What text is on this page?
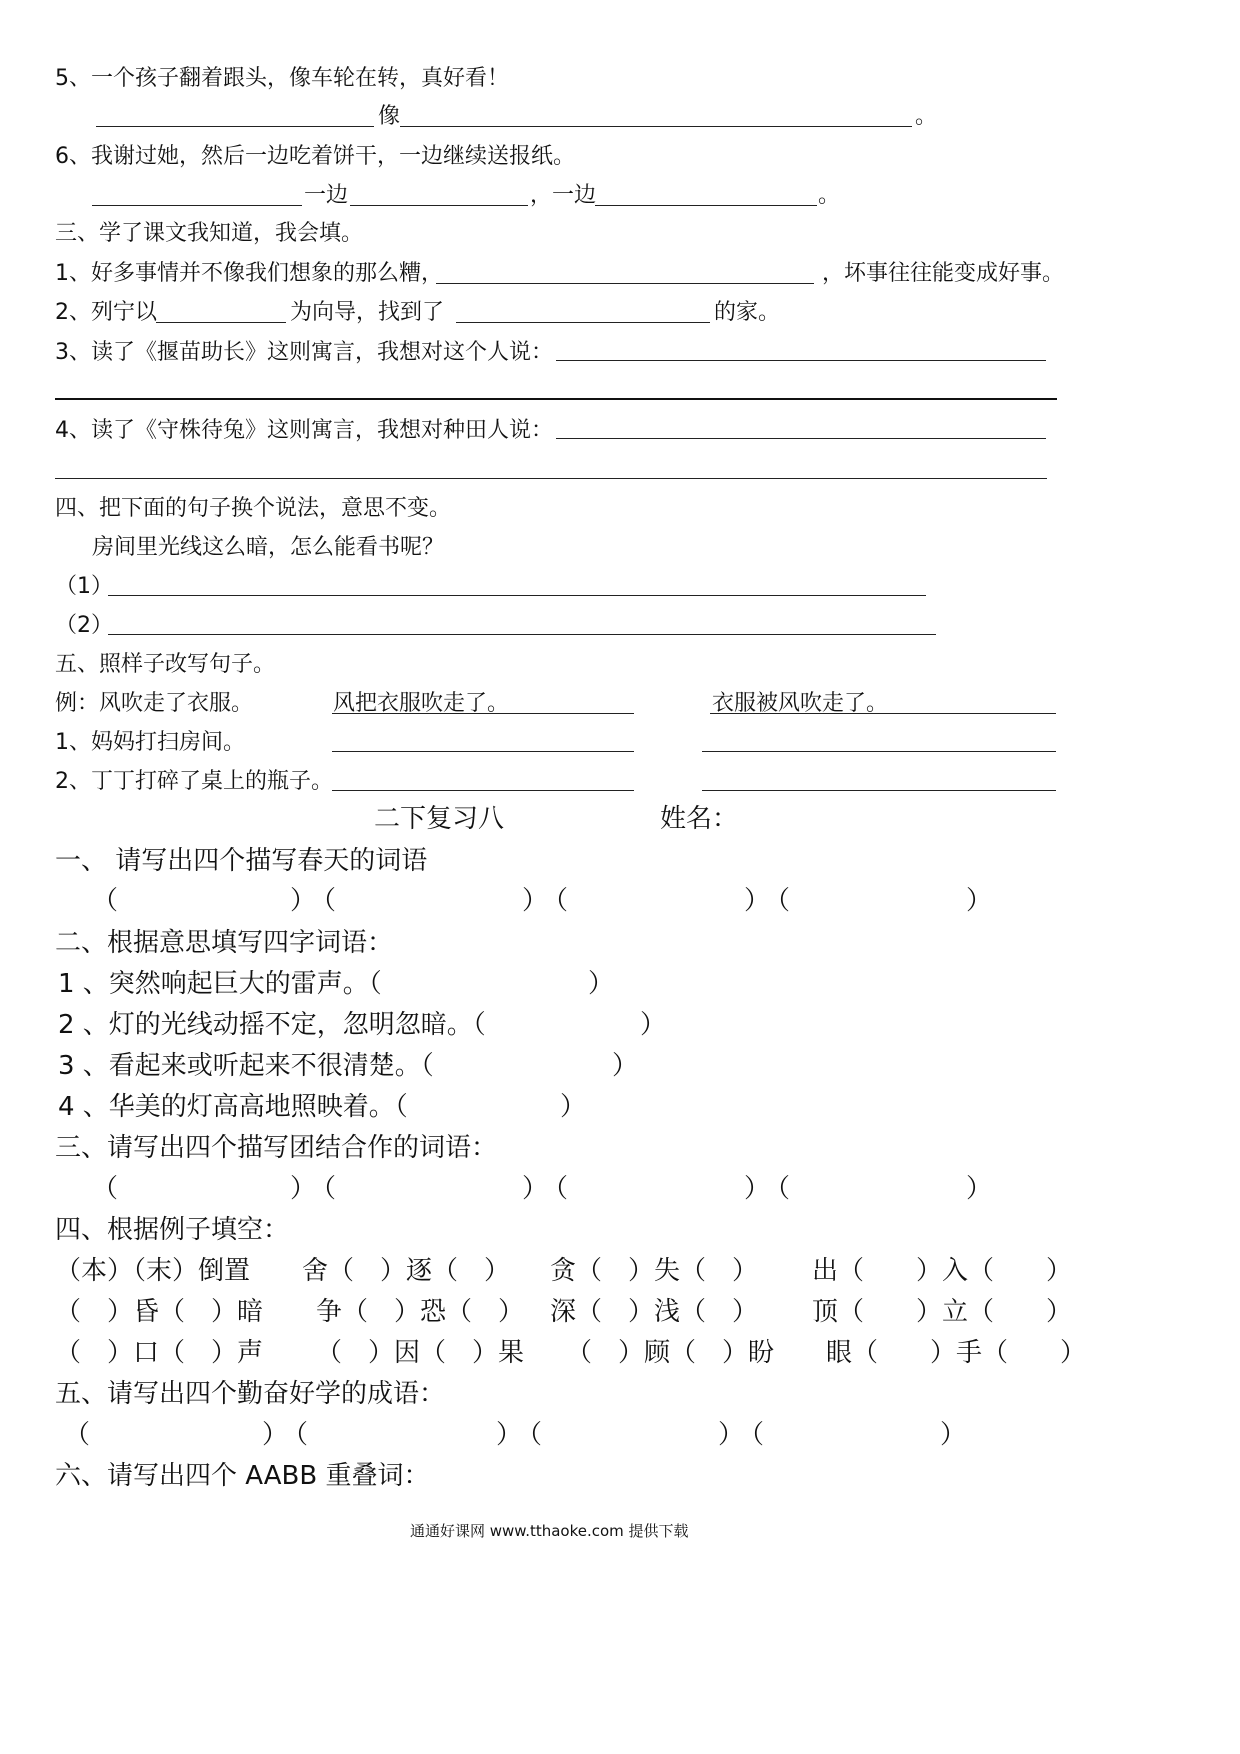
5、一个孩子翻着跟头，像车轮在转，真好看！
像	。
6、我谢过她，然后一边吃着饼干，一边继续送报纸。
一边	，一边	。
三、学了课文我知道，我会填。
1、好多事情并不像我们想象的那么糟，	，坏事往往能变成好事。
2、列宁以	为向导，找到了	的家。
3、读了《揠苗助长》这则寓言，我想对这个人说：
4、读了《守株待兔》这则寓言，我想对种田人说：
四、把下面的句子换个说法，意思不变。
房间里光线这么暗，怎么能看书呢？
（1）
（2）
五、照样子改写句子。
例：风吹走了衣服。	风把衣服吹走了。	衣服被风吹走了。
1、妈妈打扫房间。
2、丁丁打碎了桌上的瓶子。
二下复习八	姓名：
一、 请写出四个描写春天的词语
（	）
（	）
（	）
（	）
二、根据意思填写四字词语：
1 、突然响起巨大的雷声。（	）
2 、灯的光线动摇不定，忽明忽暗。（	）
3 、看起来或听起来不很清楚。（	）
4 、华美的灯高高地照映着。（	）
三、请写出四个描写团结合作的词语：
（	）
（	）
（	）
（	）
四、根据例子填空：
（本）（末）倒置 舍（　）逐（　） 贪（　）失（　） 出（　　）入（　　）
（　）昏（　）暗 争（　）恐（　） 深（　）浅（　） 顶（　　）立（　　）
（　）口（　）声 （　）因（　）果 （　）顾（　）盼 眼（　　）手（　　）
五、请写出四个勤奋好学的成语：
（	）
（	）
（	）
（	）
六、请写出四个 AABB 重叠词：
通通好课网 www.tthaoke.com 提供下载
